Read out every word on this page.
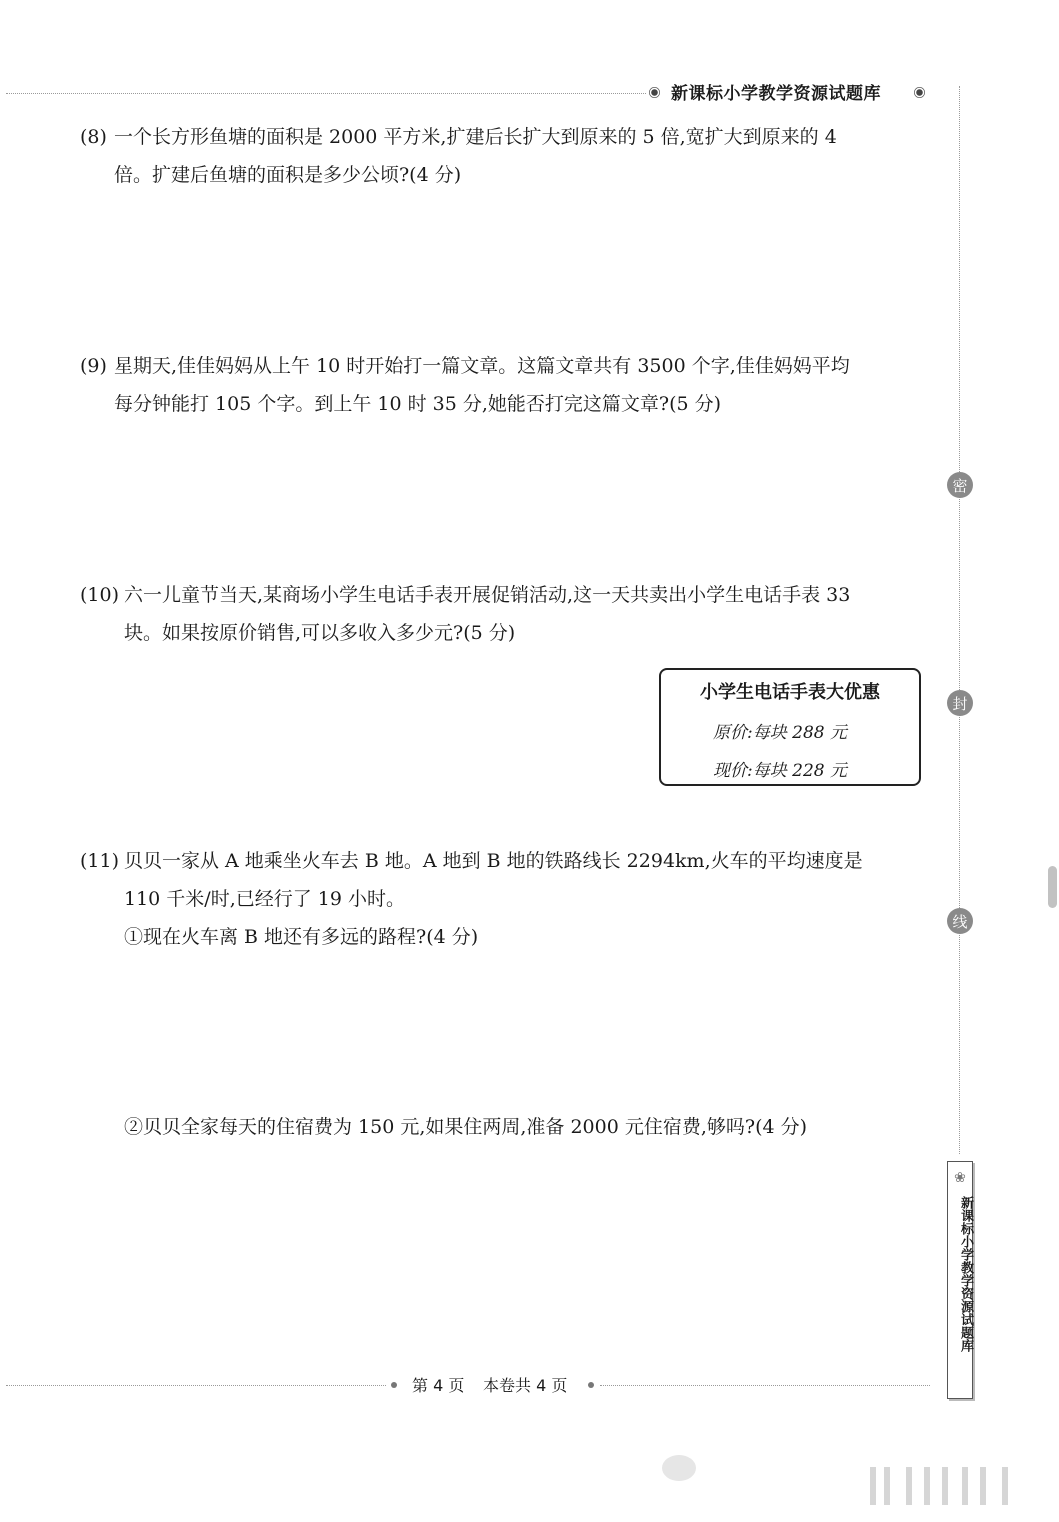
新课标小学教学资源试题库
密
封
线
❀
新课标小学教学资源试题库
(8) 一个长方形鱼塘的面积是 2000 平方米,扩建后长扩大到原来的 5 倍,宽扩大到原来的 4
倍。扩建后鱼塘的面积是多少公顷?(4 分)
(9) 星期天,佳佳妈妈从上午 10 时开始打一篇文章。这篇文章共有 3500 个字,佳佳妈妈平均
每分钟能打 105 个字。到上午 10 时 35 分,她能否打完这篇文章?(5 分)
(10) 六一儿童节当天,某商场小学生电话手表开展促销活动,这一天共卖出小学生电话手表 33
块。如果按原价销售,可以多收入多少元?(5 分)
小学生电话手表大优惠
原价:每块 288 元
现价:每块 228 元
(11) 贝贝一家从 A 地乘坐火车去 B 地。A 地到 B 地的铁路线长 2294km,火车的平均速度是
110 千米/时,已经行了 19 小时。
①现在火车离 B 地还有多远的路程?(4 分)
②贝贝全家每天的住宿费为 150 元,如果住两周,准备 2000 元住宿费,够吗?(4 分)
第 4 页 本卷共 4 页
